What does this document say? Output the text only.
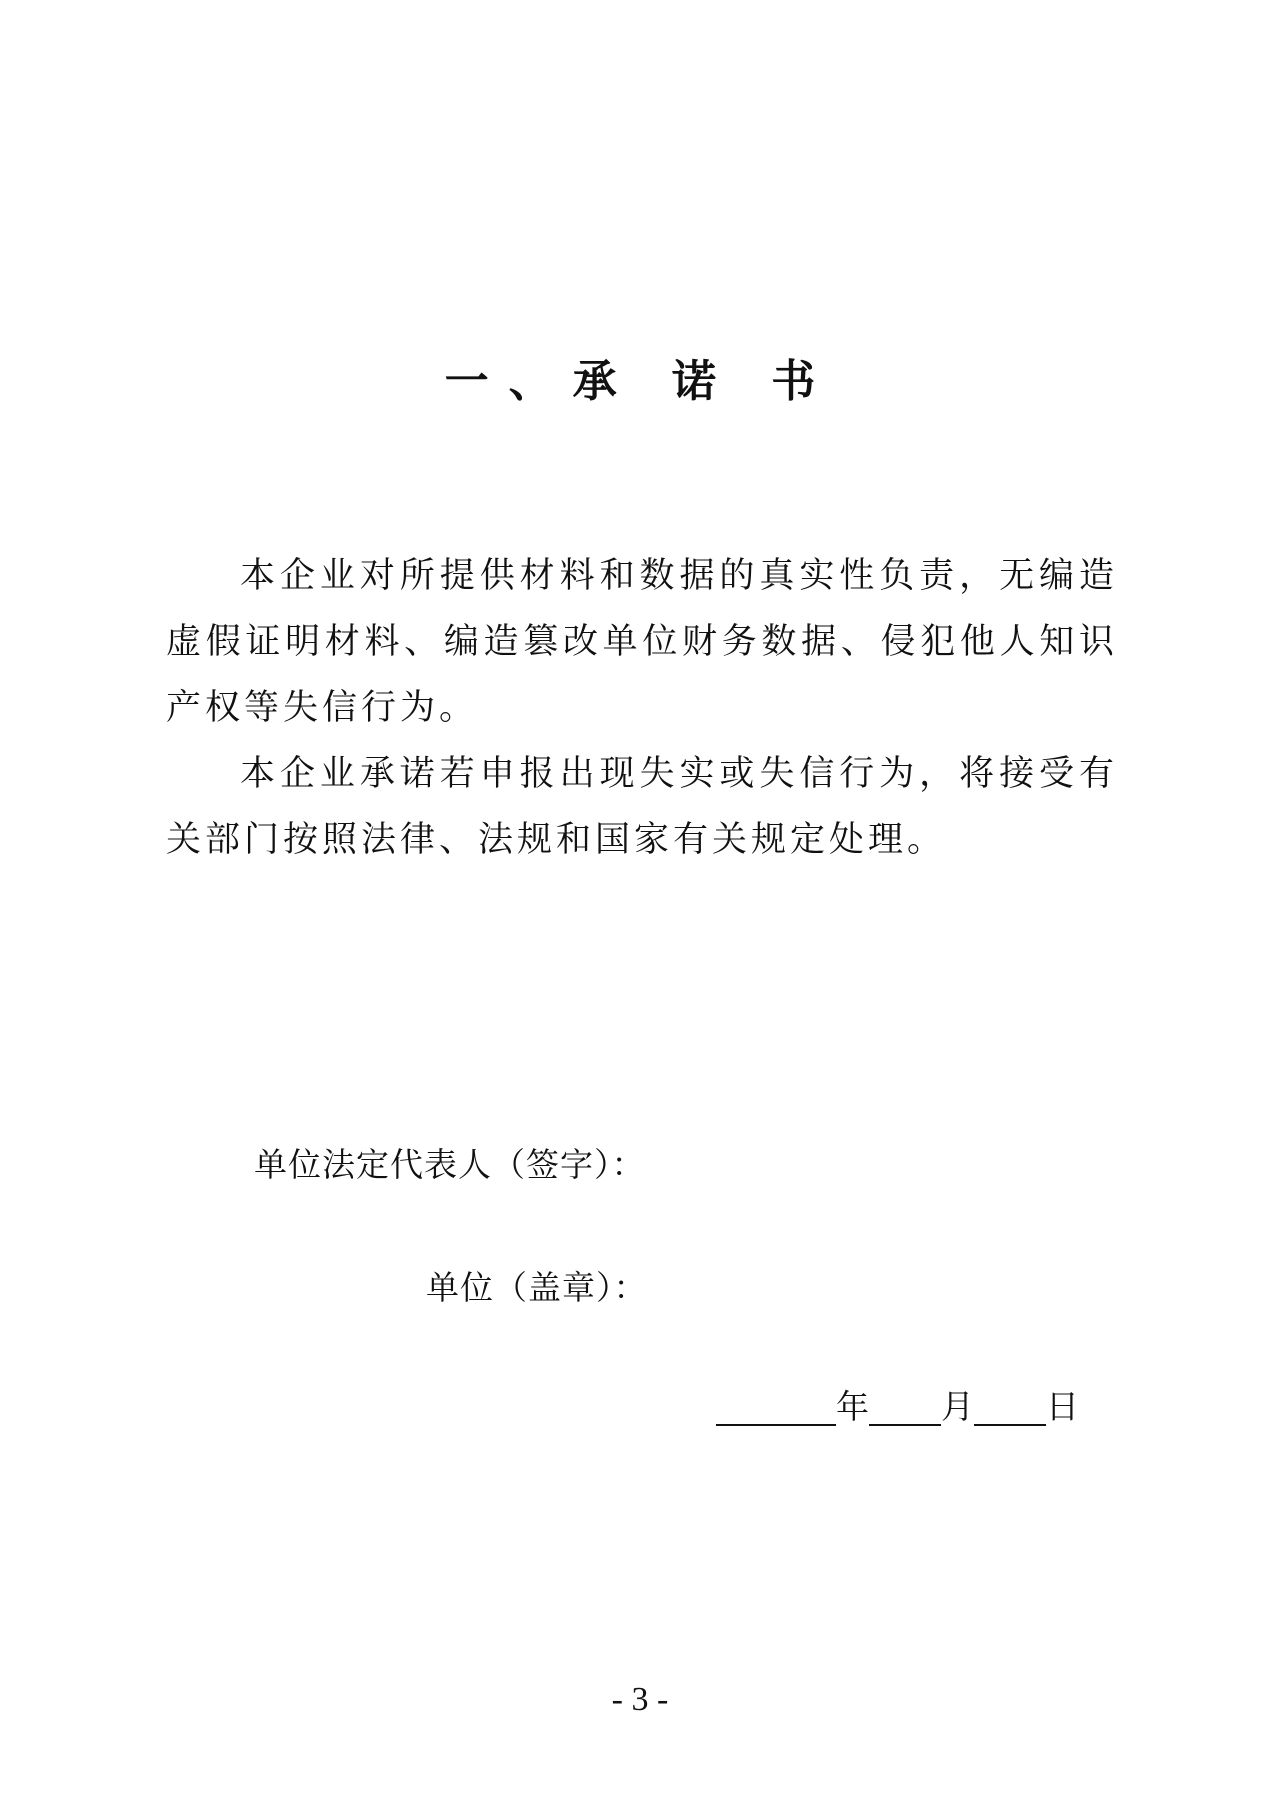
一、承 诺 书

本企业对所提供材料和数据的真实性负责，无编造虚假证明材料、编造篡改单位财务数据、侵犯他人知识产权等失信行为。

本企业承诺若申报出现失实或失信行为，将接受有关部门按照法律、法规和国家有关规定处理。

单位法定代表人（签字）：
单位（盖章）：
年 月 日
- 3 -
